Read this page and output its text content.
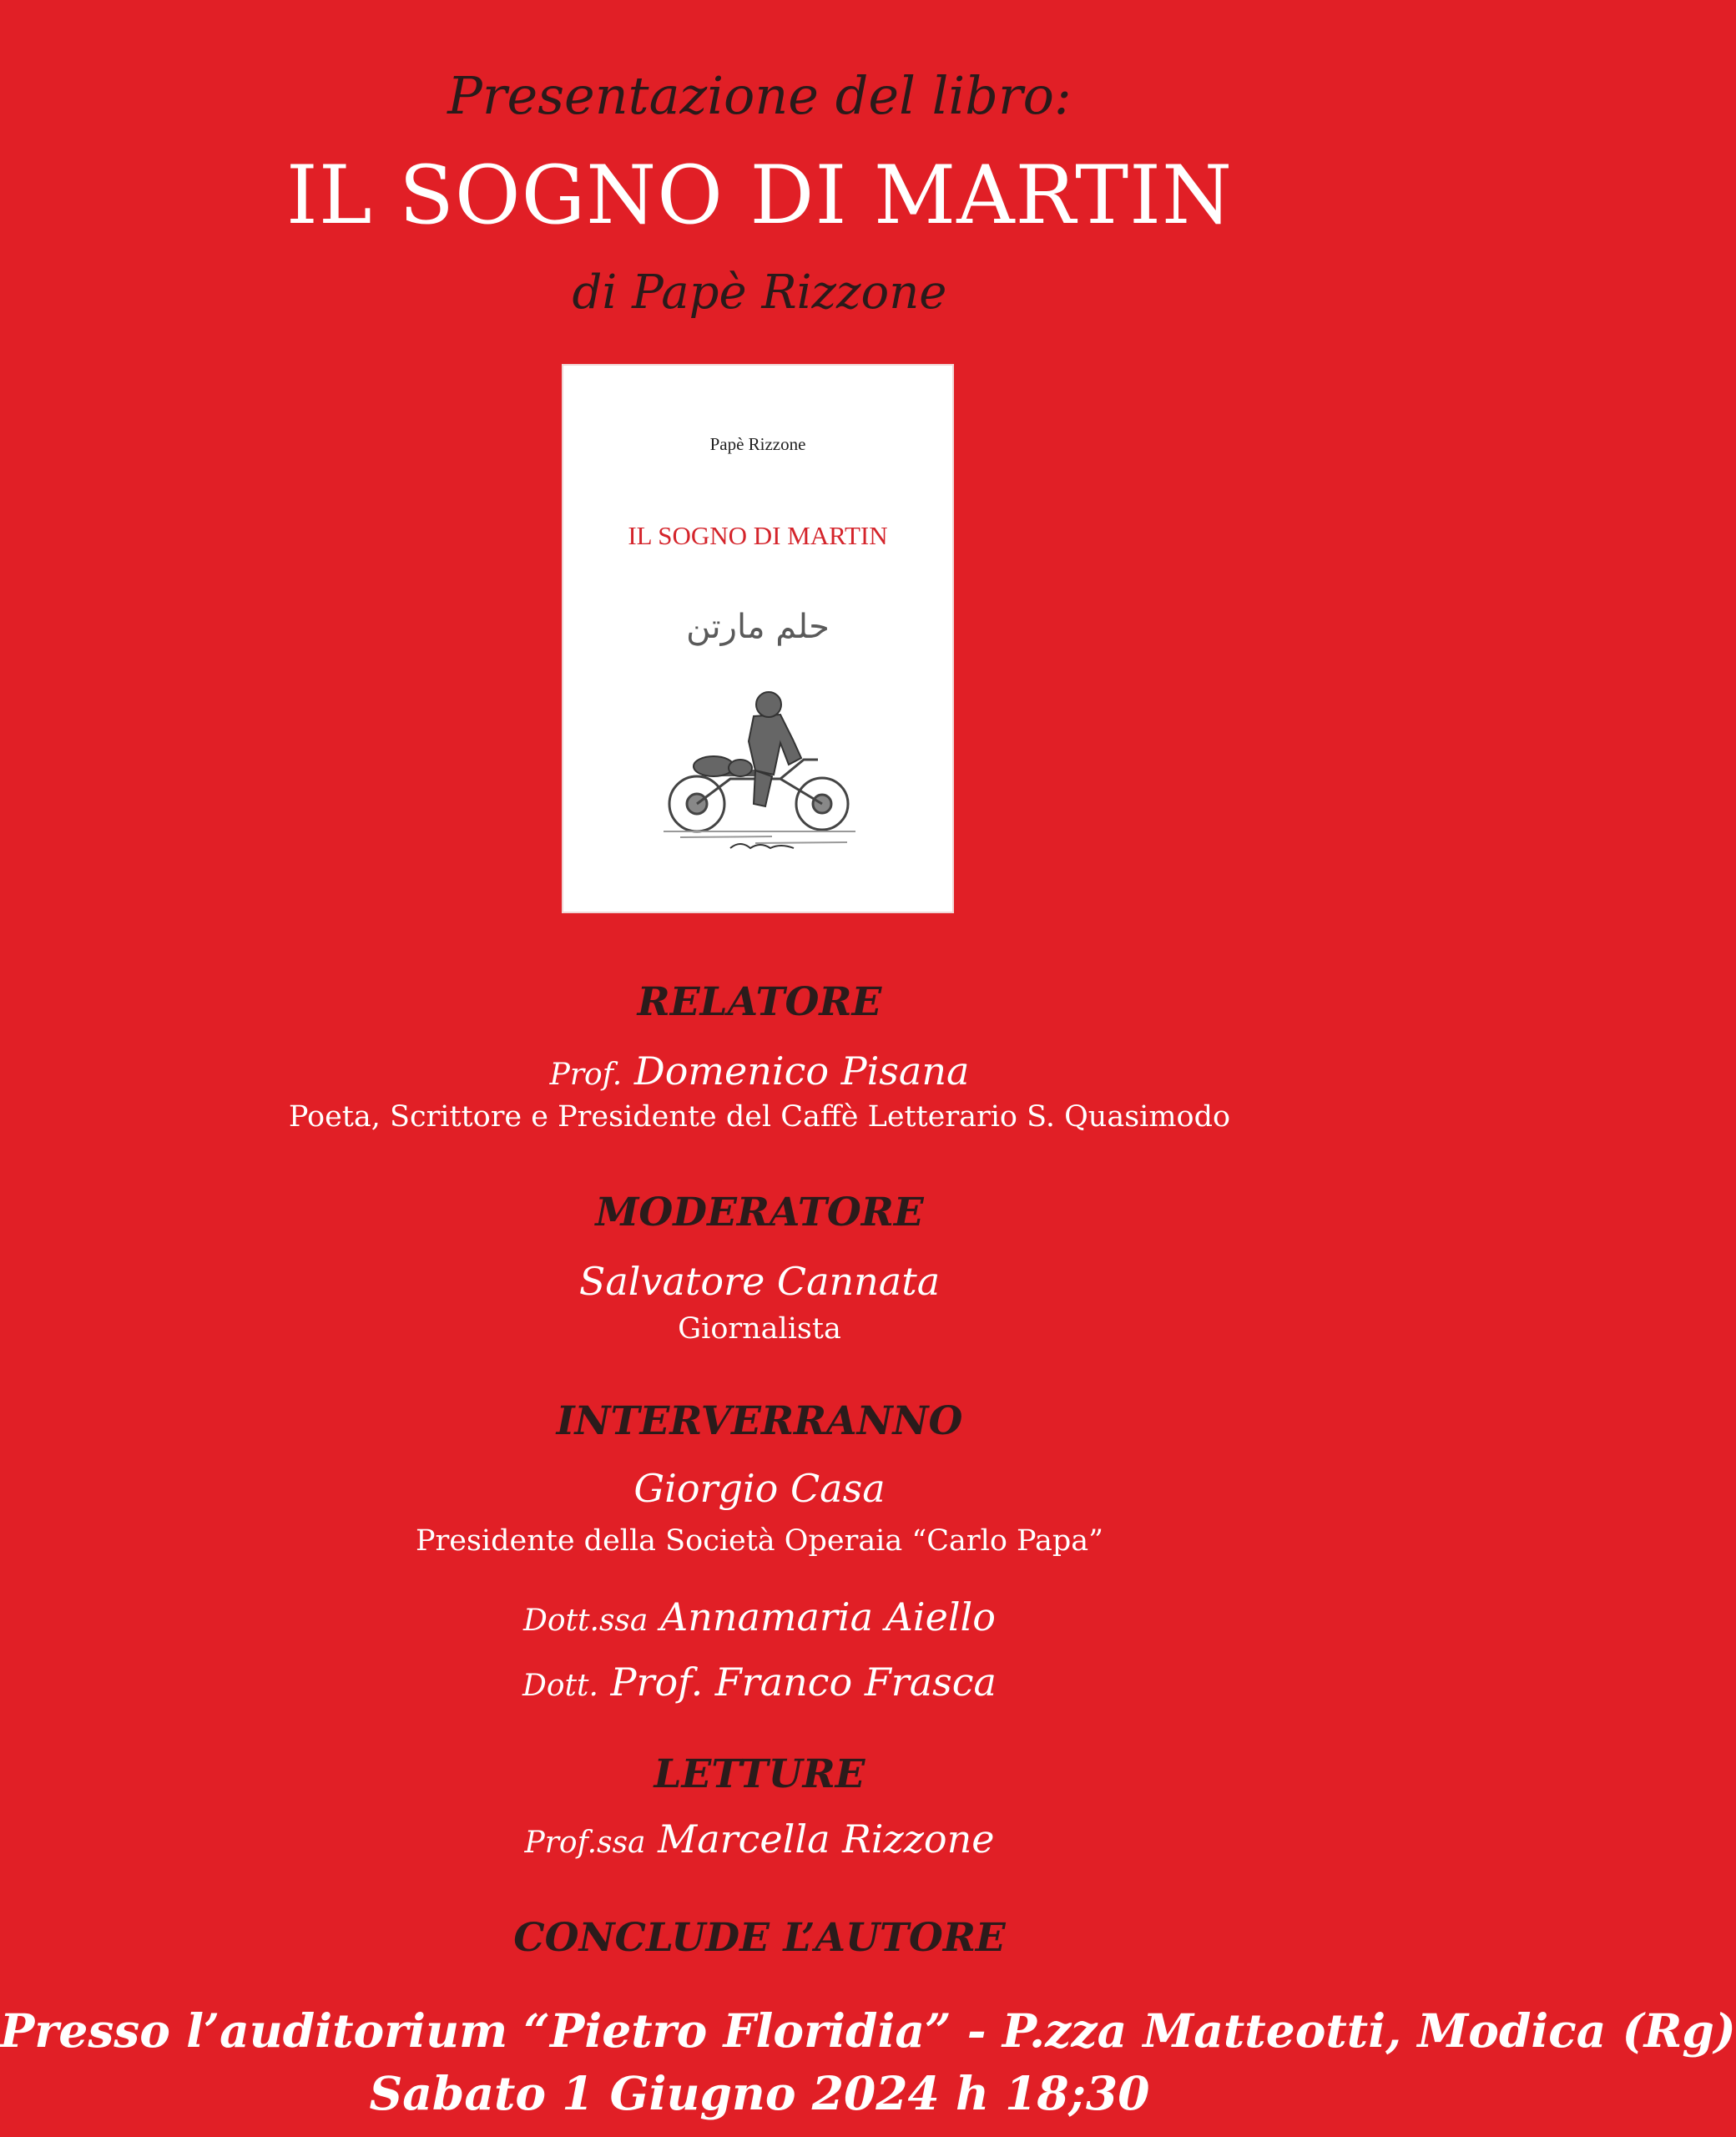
Presentazione del libro:
IL SOGNO DI MARTIN
di Papè Rizzone
Papè Rizzone
IL SOGNO DI MARTIN
حلم مارتن
RELATORE
Prof. Domenico Pisana
Poeta, Scrittore e Presidente del Caffè Letterario S. Quasimodo
MODERATORE
Salvatore Cannata
Giornalista
INTERVERRANNO
Giorgio Casa
Presidente della Società Operaia “Carlo Papa”
Dott.ssa Annamaria Aiello
Dott. Prof. Franco Frasca
LETTURE
Prof.ssa Marcella Rizzone
CONCLUDE L’AUTORE
Presso l’auditorium “Pietro Floridia” - P.zza Matteotti, Modica (Rg)
Sabato 1 Giugno 2024 h 18;30
